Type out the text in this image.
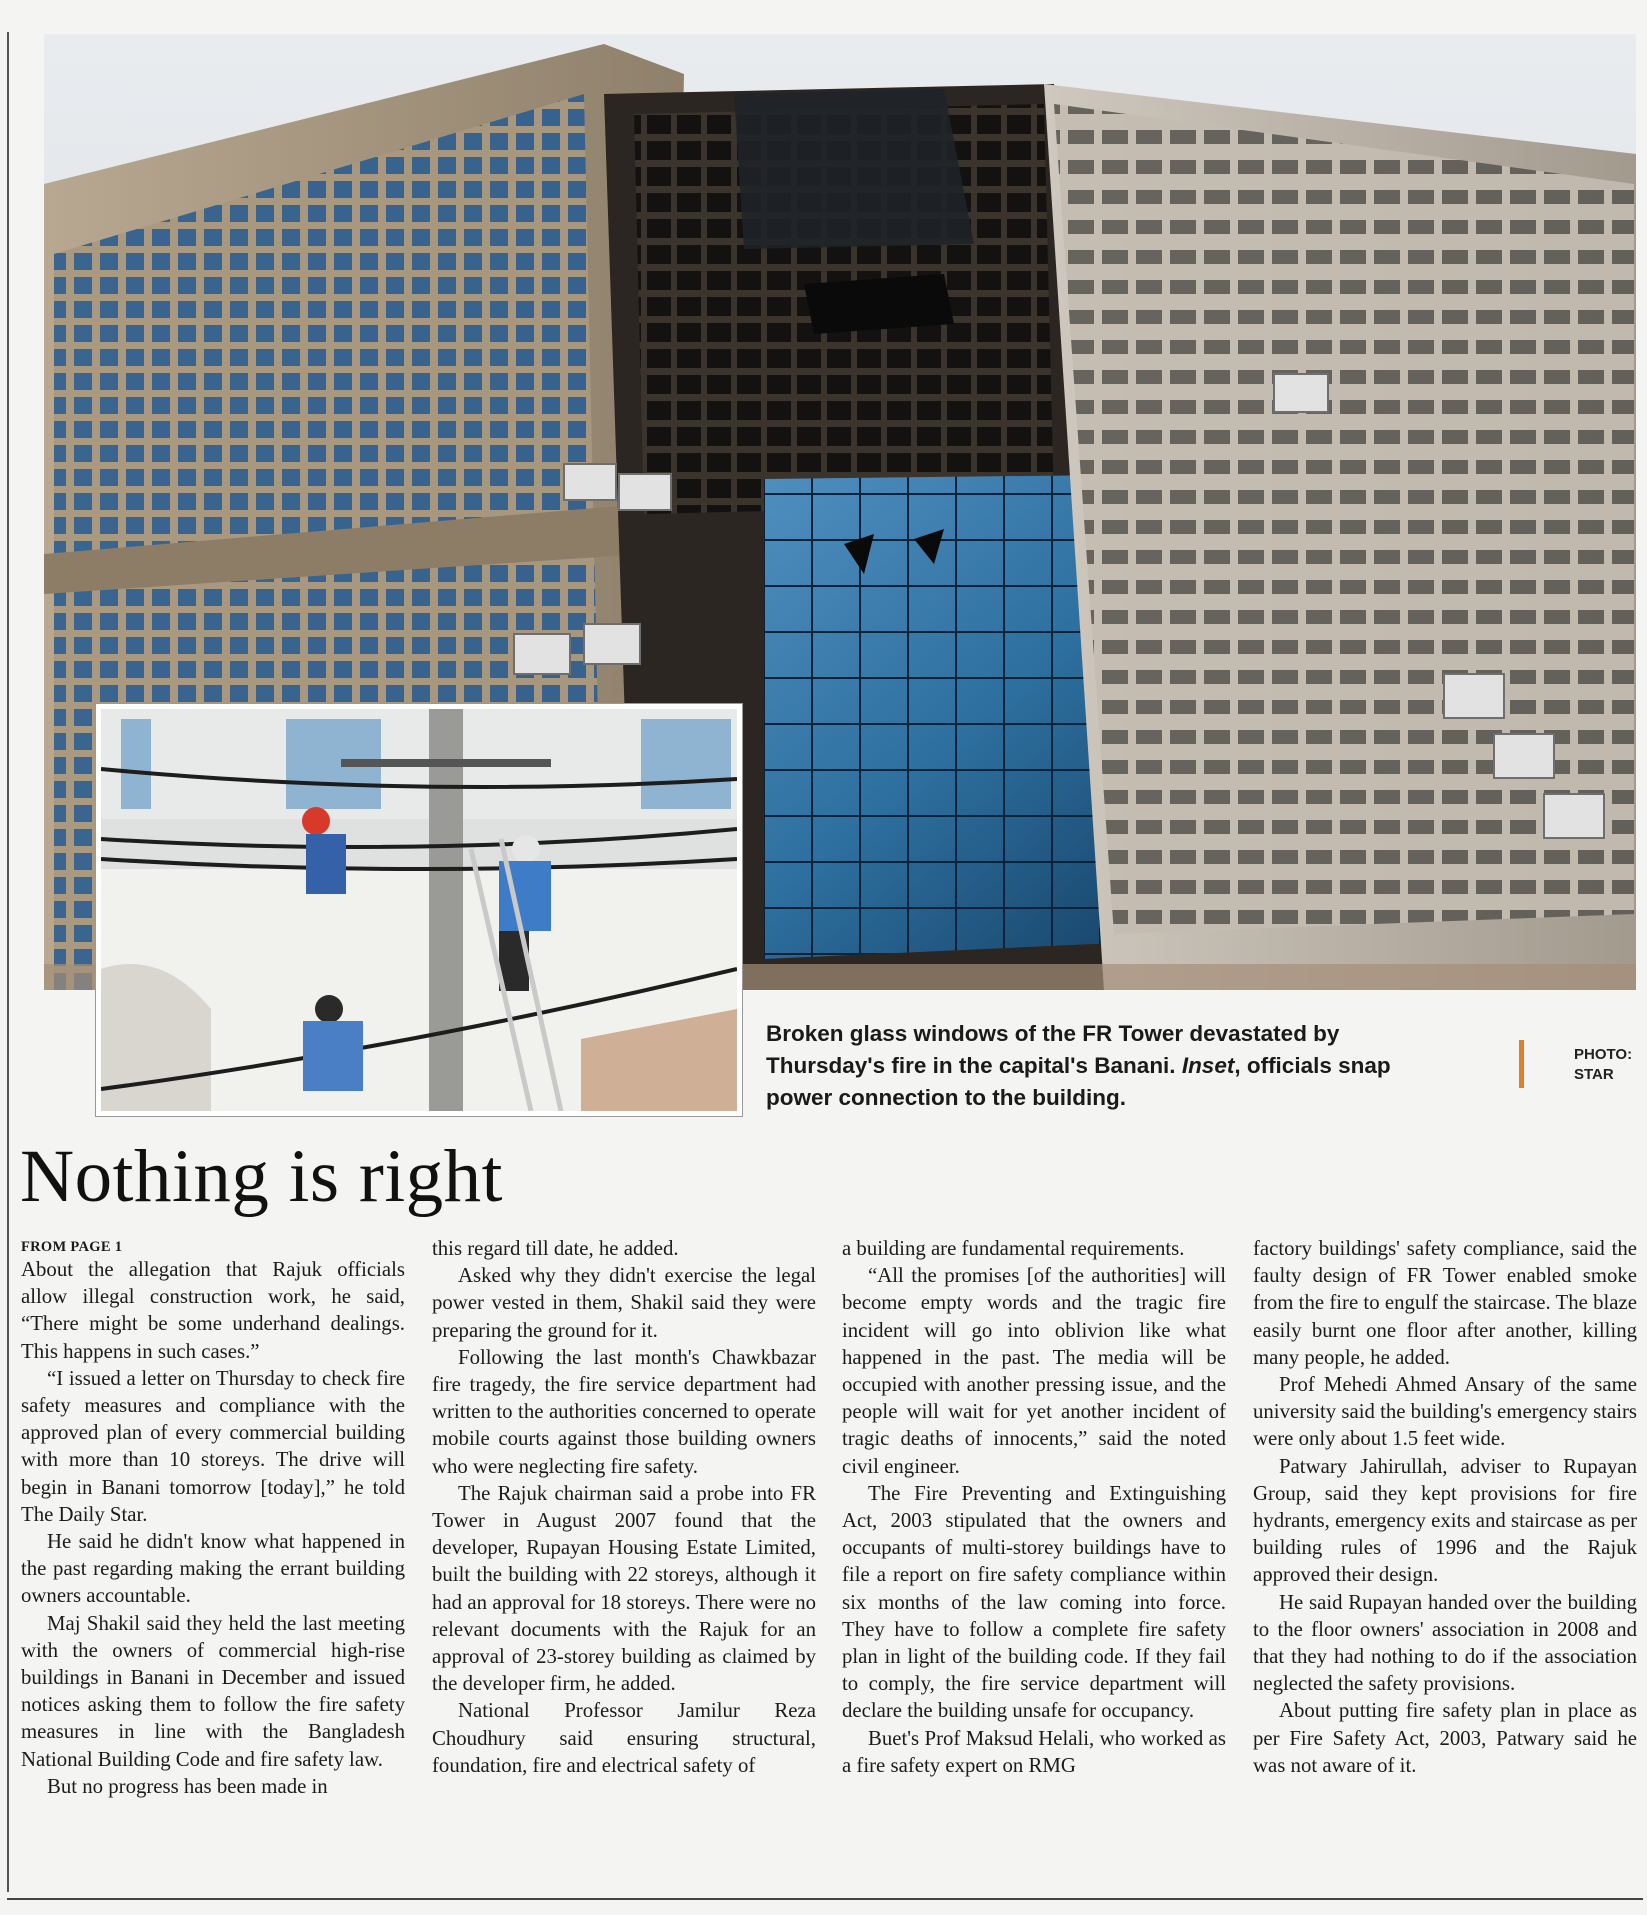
Broken glass windows of the FR Tower devastated by Thursday's fire in the capital's Banani. Inset, officials snap power connection to the building.
PHOTO:
STAR
Nothing is right
FROM PAGE 1

About the allegation that Rajuk officials allow illegal construction work, he said, “There might be some underhand dealings. This happens in such cases.”

“I issued a letter on Thursday to check fire safety measures and compliance with the approved plan of every commercial building with more than 10 storeys. The drive will begin in Banani tomorrow [today],” he told The Daily Star.

He said he didn't know what happened in the past regarding making the errant building owners accountable.

Maj Shakil said they held the last meeting with the owners of commercial high-rise buildings in Banani in December and issued notices asking them to follow the fire safety measures in line with the Bangladesh National Building Code and fire safety law.

But no progress has been made in

this regard till date, he added.

Asked why they didn't exercise the legal power vested in them, Shakil said they were preparing the ground for it.

Following the last month's Chawkbazar fire tragedy, the fire service department had written to the authorities concerned to operate mobile courts against those building owners who were neglecting fire safety.

The Rajuk chairman said a probe into FR Tower in August 2007 found that the developer, Rupayan Housing Estate Limited, built the building with 22 storeys, although it had an approval for 18 storeys. There were no relevant documents with the Rajuk for an approval of 23-storey building as claimed by the developer firm, he added.

National Professor Jamilur Reza Choudhury said ensuring structural, foundation, fire and electrical safety of

a building are fundamental requirements.

“All the promises [of the authorities] will become empty words and the tragic fire incident will go into oblivion like what happened in the past. The media will be occupied with another pressing issue, and the people will wait for yet another incident of tragic deaths of innocents,” said the noted civil engineer.

The Fire Preventing and Extinguishing Act, 2003 stipulated that the owners and occupants of multi-storey buildings have to file a report on fire safety compliance within six months of the law coming into force. They have to follow a complete fire safety plan in light of the building code. If they fail to comply, the fire service department will declare the building unsafe for occupancy.

Buet's Prof Maksud Helali, who worked as a fire safety expert on RMG

factory buildings' safety compliance, said the faulty design of FR Tower enabled smoke from the fire to engulf the staircase. The blaze easily burnt one floor after another, killing many people, he added.

Prof Mehedi Ahmed Ansary of the same university said the building's emergency stairs were only about 1.5 feet wide.

Patwary Jahirullah, adviser to Rupayan Group, said they kept provisions for fire hydrants, emergency exits and staircase as per building rules of 1996 and the Rajuk approved their design.

He said Rupayan handed over the building to the floor owners' association in 2008 and that they had nothing to do if the association neglected the safety provisions.

About putting fire safety plan in place as per Fire Safety Act, 2003, Patwary said he was not aware of it.
